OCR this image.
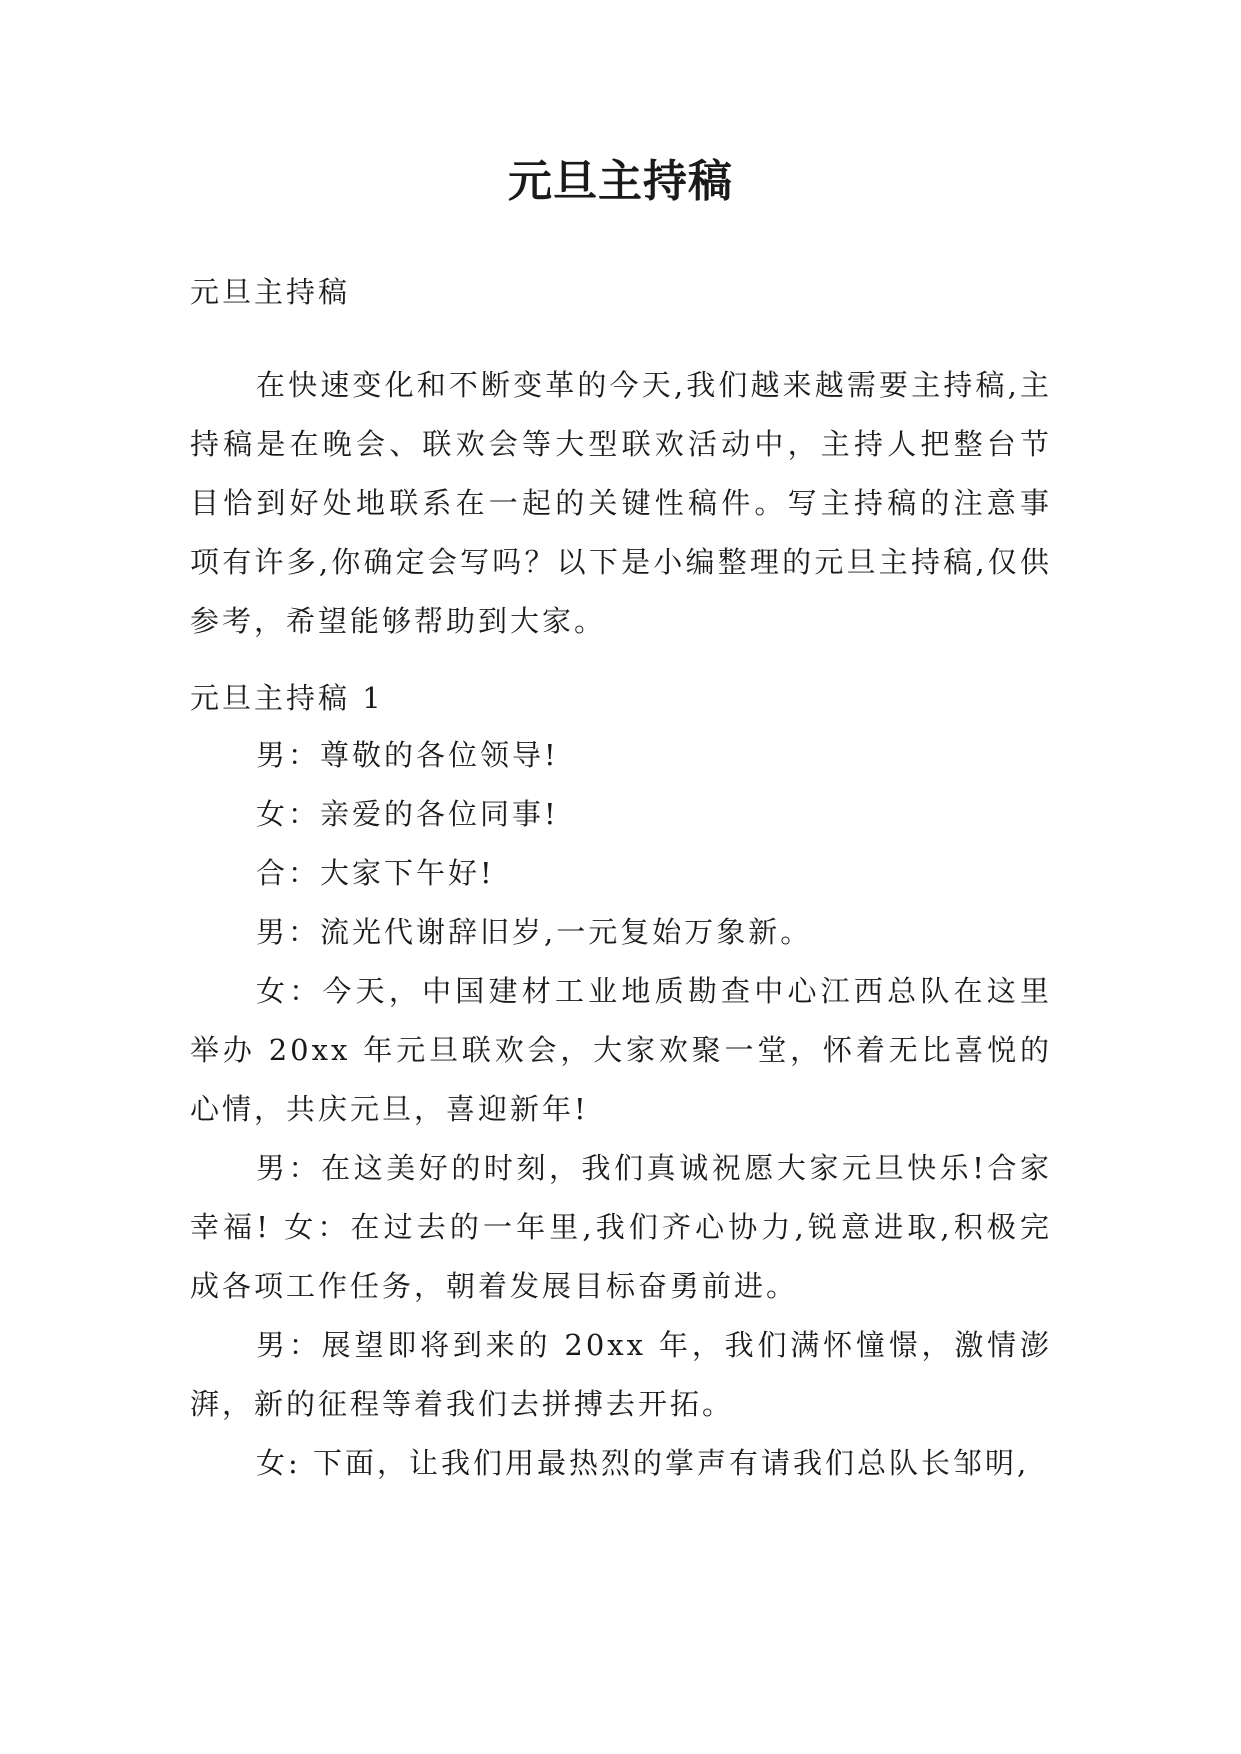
元旦主持稿

元旦主持稿

在快速变化和不断变革的今天,我们越来越需要主持稿,主持稿是在晚会、联欢会等大型联欢活动中，主持人把整台节目恰到好处地联系在一起的关键性稿件。写主持稿的注意事项有许多,你确定会写吗？以下是小编整理的元旦主持稿,仅供参考，希望能够帮助到大家。

元旦主持稿 1

男：尊敬的各位领导!

女：亲爱的各位同事!

合：大家下午好!

男：流光代谢辞旧岁,一元复始万象新。

女：今天，中国建材工业地质勘查中心江西总队在这里举办 20xx 年元旦联欢会，大家欢聚一堂，怀着无比喜悦的心情，共庆元旦，喜迎新年!

男：在这美好的时刻，我们真诚祝愿大家元旦快乐!合家幸福! 女：在过去的一年里,我们齐心协力,锐意进取,积极完成各项工作任务，朝着发展目标奋勇前进。

男：展望即将到来的 20xx 年，我们满怀憧憬，激情澎湃，新的征程等着我们去拼搏去开拓。

女: 下面，让我们用最热烈的掌声有请我们总队长邹明,
